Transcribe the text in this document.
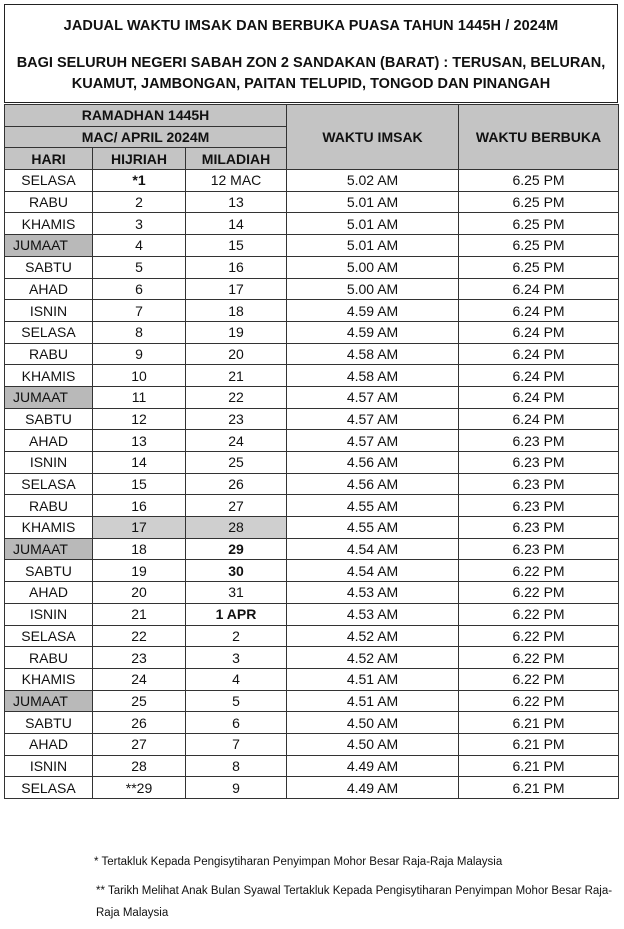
JADUAL WAKTU IMSAK DAN BERBUKA PUASA TAHUN 1445H / 2024M
BAGI SELURUH NEGERI SABAH ZON 2 SANDAKAN (BARAT) : TERUSAN, BELURAN,
KUAMUT, JAMBONGAN, PAITAN TELUPID, TONGOD DAN PINANGAH
RAMADHAN 1445H			WAKTU IMSAK	WAKTU BERBUKA
MAC/ APRIL 2024M				
HARI	HIJRIAH	MILADIAH		
SELASA	*1	12 MAC	5.02 AM	6.25 PM
RABU	2	13	5.01 AM	6.25 PM
KHAMIS	3	14	5.01 AM	6.25 PM
JUMAAT	4	15	5.01 AM	6.25 PM
SABTU	5	16	5.00 AM	6.25 PM
AHAD	6	17	5.00 AM	6.24 PM
ISNIN	7	18	4.59 AM	6.24 PM
SELASA	8	19	4.59 AM	6.24 PM
RABU	9	20	4.58 AM	6.24 PM
KHAMIS	10	21	4.58 AM	6.24 PM
JUMAAT	11	22	4.57 AM	6.24 PM
SABTU	12	23	4.57 AM	6.24 PM
AHAD	13	24	4.57 AM	6.23 PM
ISNIN	14	25	4.56 AM	6.23 PM
SELASA	15	26	4.56 AM	6.23 PM
RABU	16	27	4.55 AM	6.23 PM
KHAMIS	17	28	4.55 AM	6.23 PM
JUMAAT	18	29	4.54 AM	6.23 PM
SABTU	19	30	4.54 AM	6.22 PM
AHAD	20	31	4.53 AM	6.22 PM
ISNIN	21	1 APR	4.53 AM	6.22 PM
SELASA	22	2	4.52 AM	6.22 PM
RABU	23	3	4.52 AM	6.22 PM
KHAMIS	24	4	4.51 AM	6.22 PM
JUMAAT	25	5	4.51 AM	6.22 PM
SABTU	26	6	4.50 AM	6.21 PM
AHAD	27	7	4.50 AM	6.21 PM
ISNIN	28	8	4.49 AM	6.21 PM
SELASA	**29	9	4.49 AM	6.21 PM
* Tertakluk Kepada Pengisytiharan Penyimpan Mohor Besar Raja-Raja Malaysia
** Tarikh Melihat Anak Bulan Syawal Tertakluk Kepada Pengisytiharan Penyimpan Mohor Besar Raja-Raja Malaysia
